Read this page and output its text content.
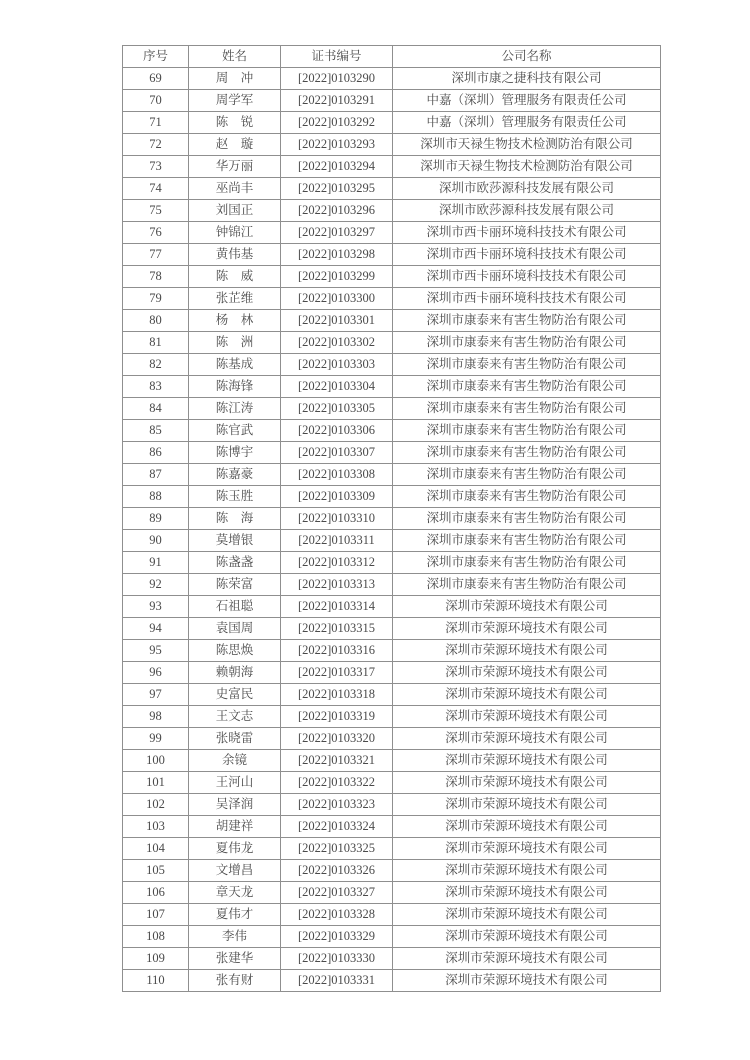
序号	姓名	证书编号	公司名称
69	周　冲	[2022]0103290	深圳市康之捷科技有限公司
70	周学军	[2022]0103291	中嘉（深圳）管理服务有限责任公司
71	陈　锐	[2022]0103292	中嘉（深圳）管理服务有限责任公司
72	赵　璇	[2022]0103293	深圳市天禄生物技术检测防治有限公司
73	华万丽	[2022]0103294	深圳市天禄生物技术检测防治有限公司
74	巫尚丰	[2022]0103295	深圳市欧莎源科技发展有限公司
75	刘国正	[2022]0103296	深圳市欧莎源科技发展有限公司
76	钟锦江	[2022]0103297	深圳市西卡丽环境科技技术有限公司
77	黄伟基	[2022]0103298	深圳市西卡丽环境科技技术有限公司
78	陈　威	[2022]0103299	深圳市西卡丽环境科技技术有限公司
79	张芷维	[2022]0103300	深圳市西卡丽环境科技技术有限公司
80	杨　林	[2022]0103301	深圳市康泰来有害生物防治有限公司
81	陈　洲	[2022]0103302	深圳市康泰来有害生物防治有限公司
82	陈基成	[2022]0103303	深圳市康泰来有害生物防治有限公司
83	陈海锋	[2022]0103304	深圳市康泰来有害生物防治有限公司
84	陈江涛	[2022]0103305	深圳市康泰来有害生物防治有限公司
85	陈官武	[2022]0103306	深圳市康泰来有害生物防治有限公司
86	陈博宇	[2022]0103307	深圳市康泰来有害生物防治有限公司
87	陈嘉豪	[2022]0103308	深圳市康泰来有害生物防治有限公司
88	陈玉胜	[2022]0103309	深圳市康泰来有害生物防治有限公司
89	陈　海	[2022]0103310	深圳市康泰来有害生物防治有限公司
90	莫增银	[2022]0103311	深圳市康泰来有害生物防治有限公司
91	陈盏盏	[2022]0103312	深圳市康泰来有害生物防治有限公司
92	陈荣富	[2022]0103313	深圳市康泰来有害生物防治有限公司
93	石祖聪	[2022]0103314	深圳市荣源环境技术有限公司
94	袁国周	[2022]0103315	深圳市荣源环境技术有限公司
95	陈思焕	[2022]0103316	深圳市荣源环境技术有限公司
96	赖朝海	[2022]0103317	深圳市荣源环境技术有限公司
97	史富民	[2022]0103318	深圳市荣源环境技术有限公司
98	王文志	[2022]0103319	深圳市荣源环境技术有限公司
99	张晓雷	[2022]0103320	深圳市荣源环境技术有限公司
100	余镜	[2022]0103321	深圳市荣源环境技术有限公司
101	王河山	[2022]0103322	深圳市荣源环境技术有限公司
102	吴泽润	[2022]0103323	深圳市荣源环境技术有限公司
103	胡建祥	[2022]0103324	深圳市荣源环境技术有限公司
104	夏伟龙	[2022]0103325	深圳市荣源环境技术有限公司
105	文增昌	[2022]0103326	深圳市荣源环境技术有限公司
106	章天龙	[2022]0103327	深圳市荣源环境技术有限公司
107	夏伟才	[2022]0103328	深圳市荣源环境技术有限公司
108	李伟	[2022]0103329	深圳市荣源环境技术有限公司
109	张建华	[2022]0103330	深圳市荣源环境技术有限公司
110	张有财	[2022]0103331	深圳市荣源环境技术有限公司
